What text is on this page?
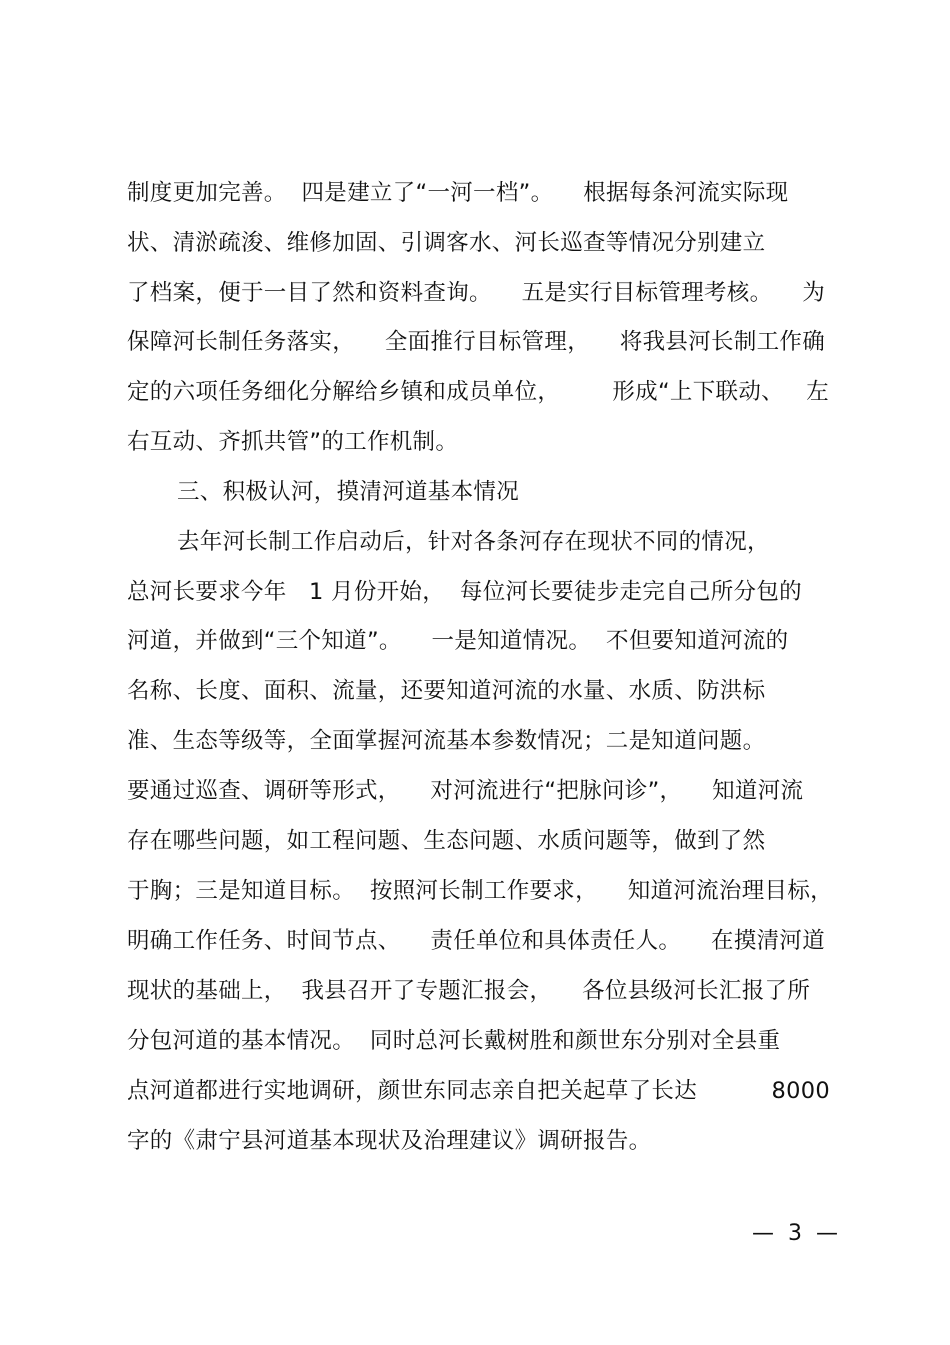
制度更加完善。  四是建立了“一河一档”。    根据每条河流实际现
状、清淤疏浚、维修加固、引调客水、河长巡查等情况分别建立
了档案，便于一目了然和资料查询。    五是实行目标管理考核。    为
保障河长制任务落实，    全面推行目标管理，    将我县河长制工作确
定的六项任务细化分解给乡镇和成员单位，       形成“上下联动、   左
右互动、齐抓共管”的工作机制。
三、积极认河，摸清河道基本情况
去年河长制工作启动后，针对各条河存在现状不同的情况，
总河长要求今年   1 月份开始，  每位河长要徒步走完自己所分包的
河道，并做到“三个知道”。    一是知道情况。  不但要知道河流的
名称、长度、面积、流量，还要知道河流的水量、水质、防洪标
准、生态等级等，全面掌握河流基本参数情况；二是知道问题。
要通过巡查、调研等形式，    对河流进行“把脉问诊”，    知道河流
存在哪些问题，如工程问题、生态问题、水质问题等，做到了然
于胸；三是知道目标。  按照河长制工作要求，    知道河流治理目标，
明确工作任务、时间节点、    责任单位和具体责任人。    在摸清河道
现状的基础上，  我县召开了专题汇报会，    各位县级河长汇报了所
分包河道的基本情况。  同时总河长戴树胜和颜世东分别对全县重
点河道都进行实地调研，颜世东同志亲自把关起草了长达          8000
字的《肃宁县河道基本现状及治理建议》调研报告。
—  3  —
